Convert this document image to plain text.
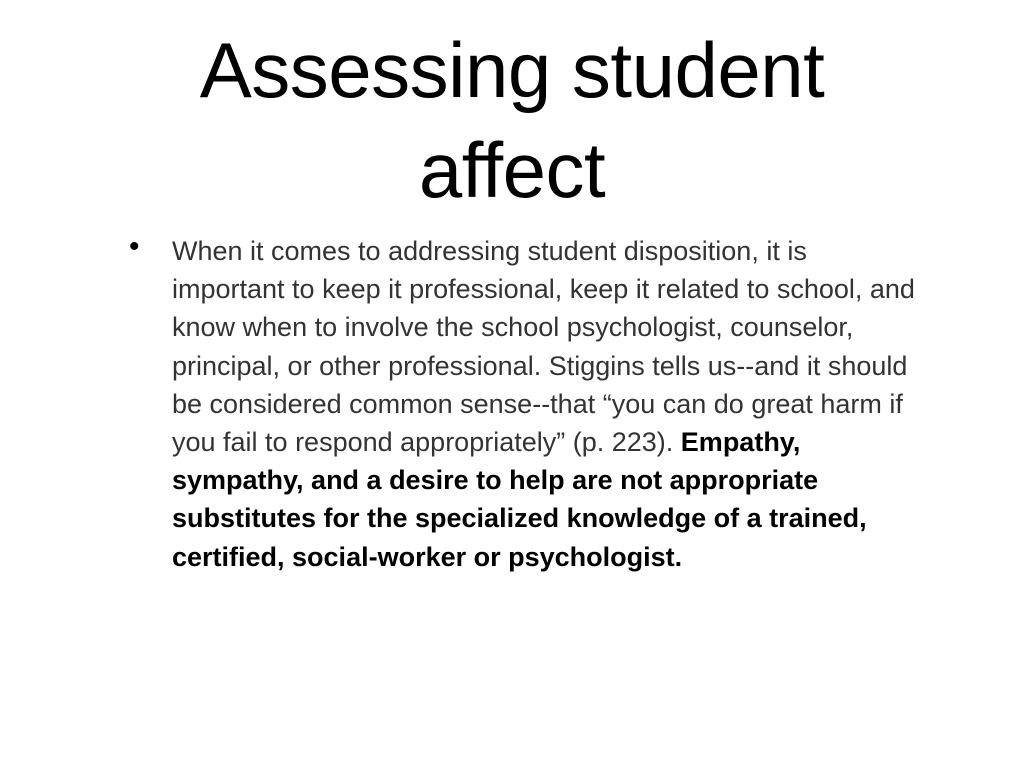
Assessing student affect
• When it comes to addressing student disposition, it is important to keep it professional, keep it related to school, and know when to involve the school psychologist, counselor, principal, or other professional. Stiggins tells us--and it should be considered common sense--that “you can do great harm if you fail to respond appropriately” (p. 223). Empathy, sympathy, and a desire to help are not appropriate substitutes for the specialized knowledge of a trained, certified, social-worker or psychologist.
